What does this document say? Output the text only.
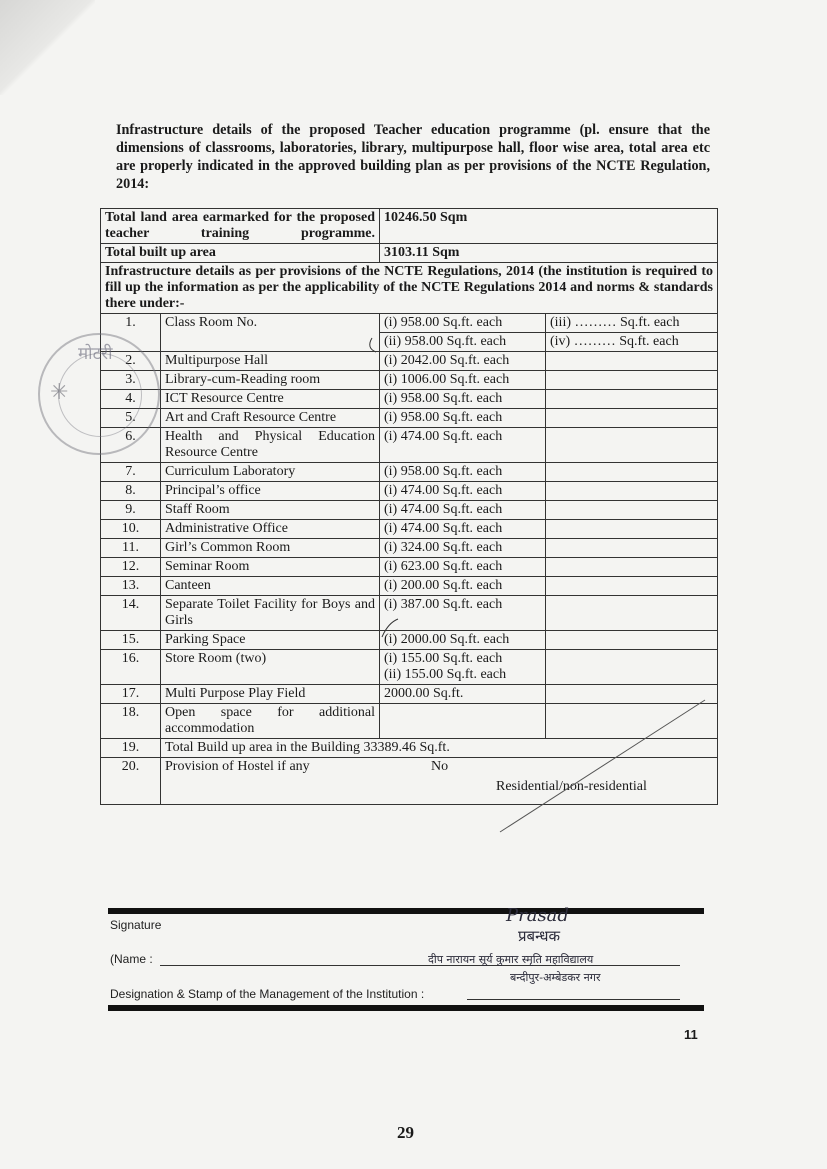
Infrastructure details of the proposed Teacher education programme (pl. ensure that the dimensions of classrooms, laboratories, library, multipurpose hall, floor wise area, total area etc are properly indicated in the approved building plan as per provisions of the NCTE Regulation, 2014:
Total land area earmarked for the proposed teacher training programme.		10246.50 Sqm	
Total built up area		3103.11 Sqm	
Infrastructure details as per provisions of the NCTE Regulations, 2014 (the institution is required to fill up the information as per the applicability of the NCTE Regulations 2014 and norms & standards there under:-			
1.	Class Room No.	(i) 958.00 Sq.ft. each	(iii) ……… Sq.ft. each
		(ii) 958.00 Sq.ft. each	(iv) ……… Sq.ft. each
2.	Multipurpose Hall	(i) 2042.00 Sq.ft. each	

3.	Library-cum-Reading room	(i) 1006.00 Sq.ft. each	

4.	ICT Resource Centre	(i) 958.00 Sq.ft. each	

5.	Art and Craft Resource Centre	(i) 958.00 Sq.ft. each	

6.	Health and Physical Education Resource Centre	(i) 474.00 Sq.ft. each	

7.	Curriculum Laboratory	(i) 958.00 Sq.ft. each	

8.	Principal’s office	(i) 474.00 Sq.ft. each	

9.	Staff Room	(i) 474.00 Sq.ft. each	

10.	Administrative Office	(i) 474.00 Sq.ft. each	

11.	Girl’s Common Room	(i) 324.00 Sq.ft. each	

12.	Seminar Room	(i) 623.00 Sq.ft. each	

13.	Canteen	(i) 200.00 Sq.ft. each	

14.	Separate Toilet Facility for Boys and Girls	(i) 387.00 Sq.ft. each	

15.	Parking Space	(i) 2000.00 Sq.ft. each	

16.	Store Room (two)	(i) 155.00 Sq.ft. each
(ii) 155.00 Sq.ft. each	

17.	Multi Purpose Play Field	2000.00 Sq.ft.	

18.	Open space for additional accommodation	

19.	Total Build up area in the Building 33389.46 Sq.ft.		
20.	Provision of Hostel if any No
Residential/non-residential		
✳
मोटरी
Signature
(Name :
Designation & Stamp of the Management of the Institution :
Prasad
प्रबन्धक
दीप नारायन सूर्य कुमार स्मृति महाविद्यालय
बन्दीपुर-अम्बेडकर नगर
11
29
